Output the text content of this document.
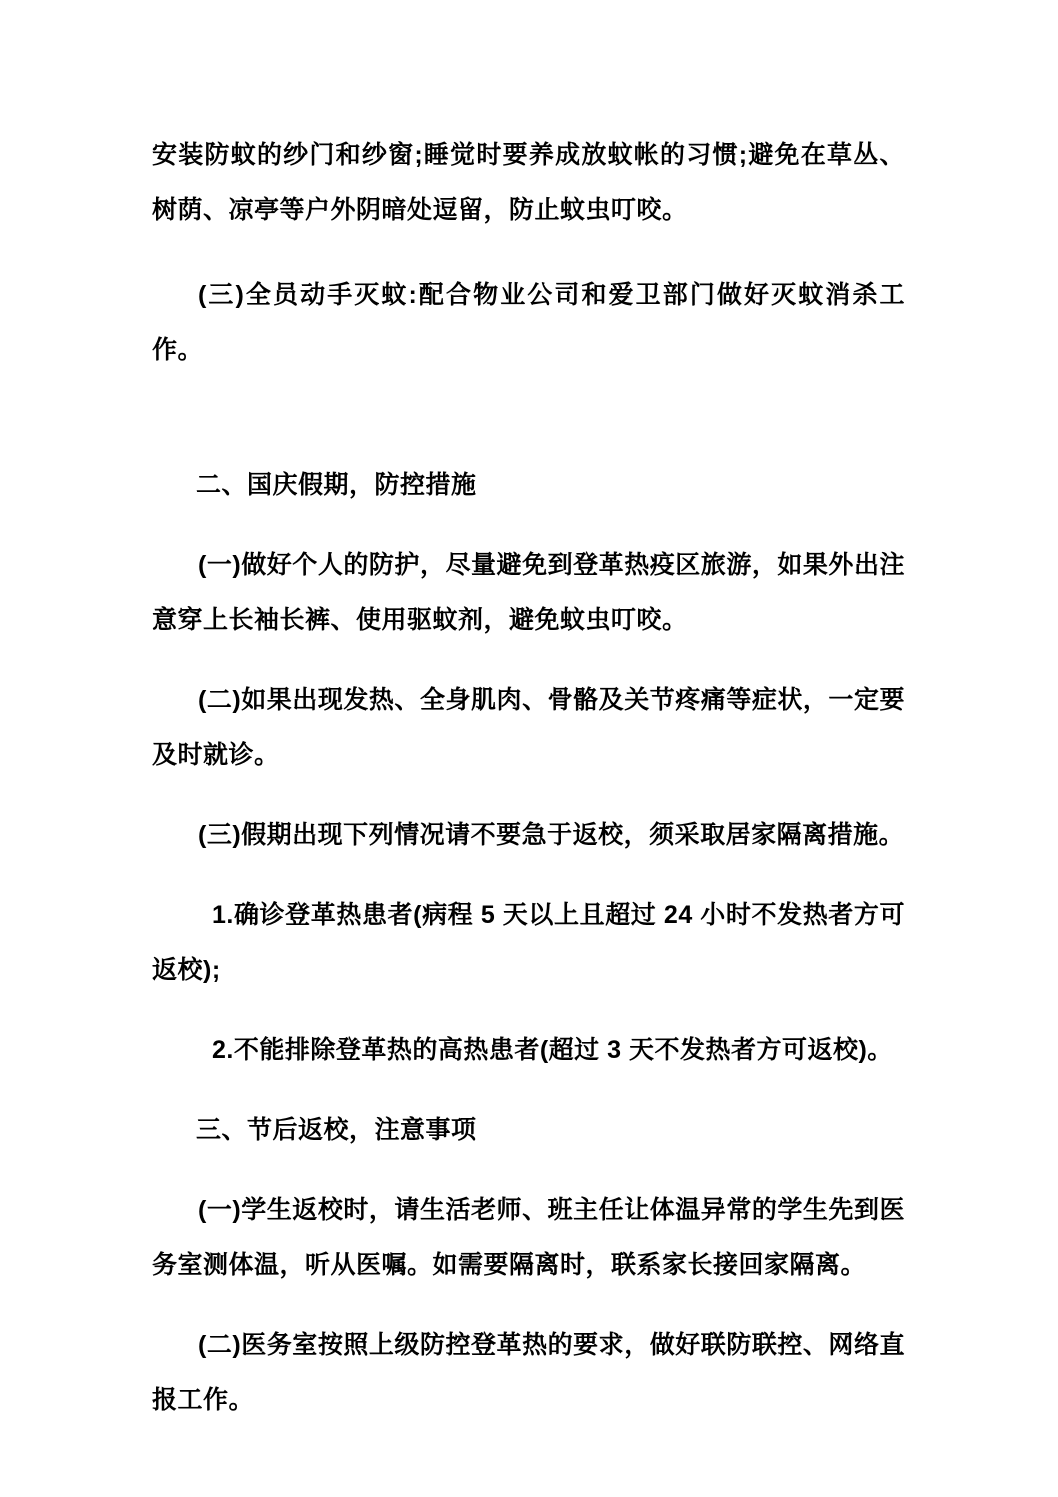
安装防蚊的纱门和纱窗;睡觉时要养成放蚊帐的习惯;避免在草丛、树荫、凉亭等户外阴暗处逗留，防止蚊虫叮咬。

(三)全员动手灭蚊:配合物业公司和爱卫部门做好灭蚊消杀工作。

二、国庆假期，防控措施

(一)做好个人的防护，尽量避免到登革热疫区旅游，如果外出注意穿上长袖长裤、使用驱蚊剂，避免蚊虫叮咬。

(二)如果出现发热、全身肌肉、骨骼及关节疼痛等症状，一定要及时就诊。

(三)假期出现下列情况请不要急于返校，须采取居家隔离措施。

1.确诊登革热患者(病程 5 天以上且超过 24 小时不发热者方可返校);

2.不能排除登革热的高热患者(超过 3 天不发热者方可返校)。

三、节后返校，注意事项

(一)学生返校时，请生活老师、班主任让体温异常的学生先到医务室测体温，听从医嘱。如需要隔离时，联系家长接回家隔离。

(二)医务室按照上级防控登革热的要求，做好联防联控、网络直报工作。
